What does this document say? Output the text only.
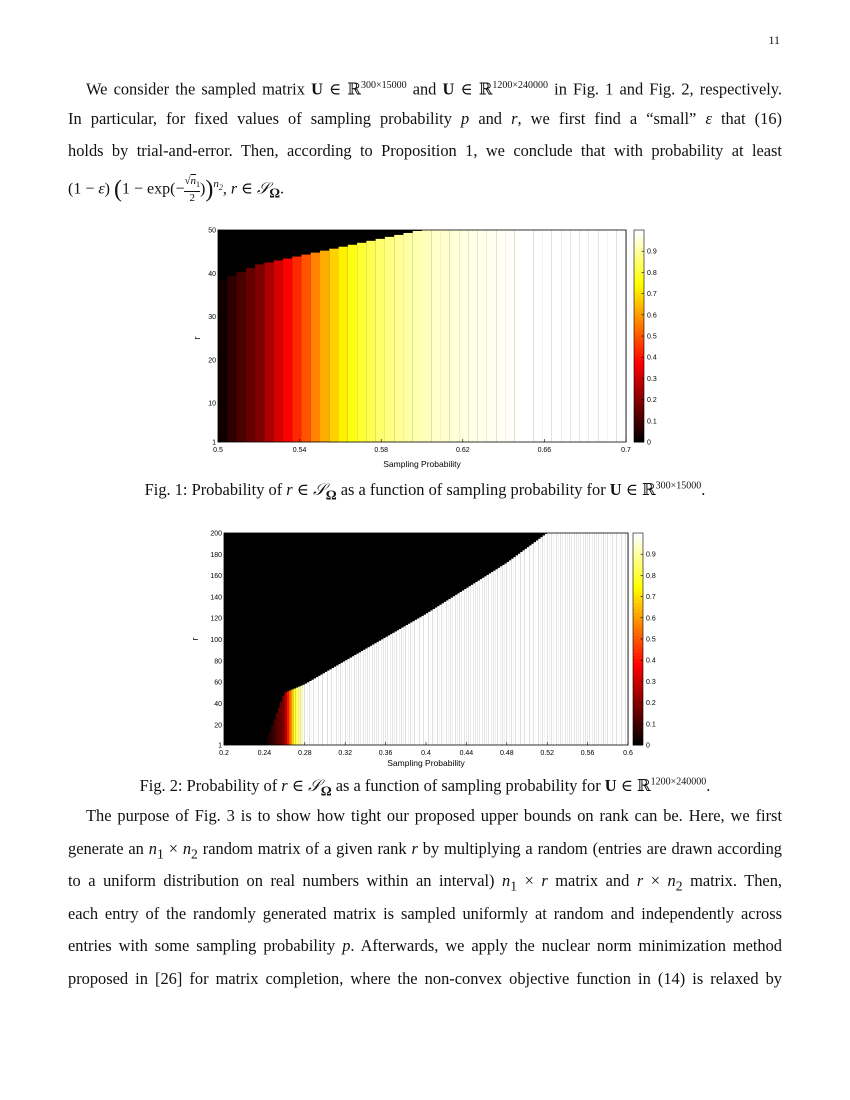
11
We consider the sampled matrix U ∈ ℝ$^{300\times 15000}$ and U ∈ ℝ$^{1200\times 240000}$ in Fig. 1 and Fig. 2, respectively.
In particular, for fixed values of sampling probability p and r, we first find a “small” ε that (16)
holds by trial-and-error. Then, according to Proposition 1, we conclude that with probability at least
(1 − ε) $(1 - \exp(- \frac{√n_1}{2} ))^{n_2}$, r ∈ 𝒮$_\Omega$.
0.5	0.54	0.58	0.62	0.66	0.7
1
10
20
30
40
50
Sampling Probability
r
0
0.1
0.2
0.3
0.4
0.5
0.6
0.7
0.8
0.9
Fig. 1: Probability of r ∈ 𝒮$_\Omega$ as a function of sampling probability for U ∈ ℝ$^{300\times 15000}$.
0.2	0.24	0.28	0.32	0.36	0.4	0.44	0.48	0.52	0.56	0.6
1
20
40
60
80
100
120
140
160
180
200
Sampling Probability
r
0
0.1
0.2
0.3
0.4
0.5
0.6
0.7
0.8
0.9
Fig. 2: Probability of r ∈ 𝒮$_\Omega$ as a function of sampling probability for U ∈ ℝ$^{1200\times 240000}$.
The purpose of Fig. 3 is to show how tight our proposed upper bounds on rank can be. Here, we first
generate an $n_1 \times n_2$ random matrix of a given rank r by multiplying a random (entries are drawn according
to a uniform distribution on real numbers within an interval) $n_1 \times r$ matrix and $r \times n_2$ matrix. Then,
each entry of the randomly generated matrix is sampled uniformly at random and independently across
entries with some sampling probability p. Afterwards, we apply the nuclear norm minimization method
proposed in [26] for matrix completion, where the non-convex objective function in (14) is relaxed by
